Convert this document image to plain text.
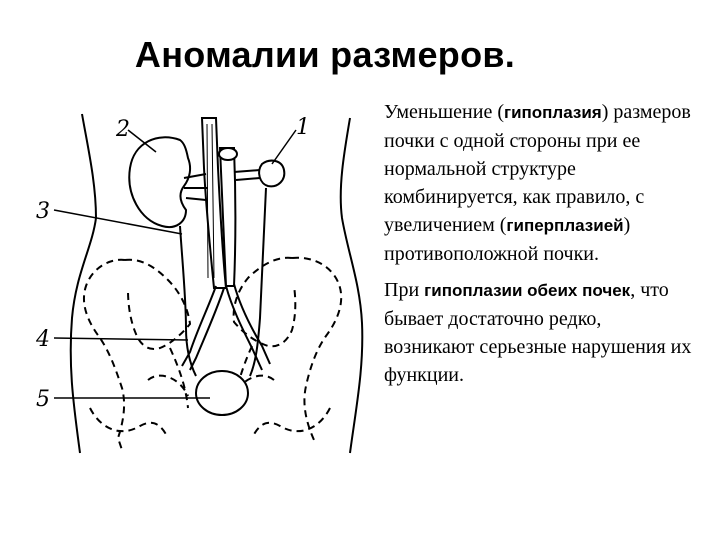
Аномалии размеров.
1
2
3
4
5

Уменьшение (гипоплазия) размеров почки с одной стороны при ее нормальной структуре комбинируется, как правило, с увеличением (гиперплазией) противоположной почки.

При гипоплазии обеих почек, что бывает достаточно редко, возникают серьезные нарушения их функции.
